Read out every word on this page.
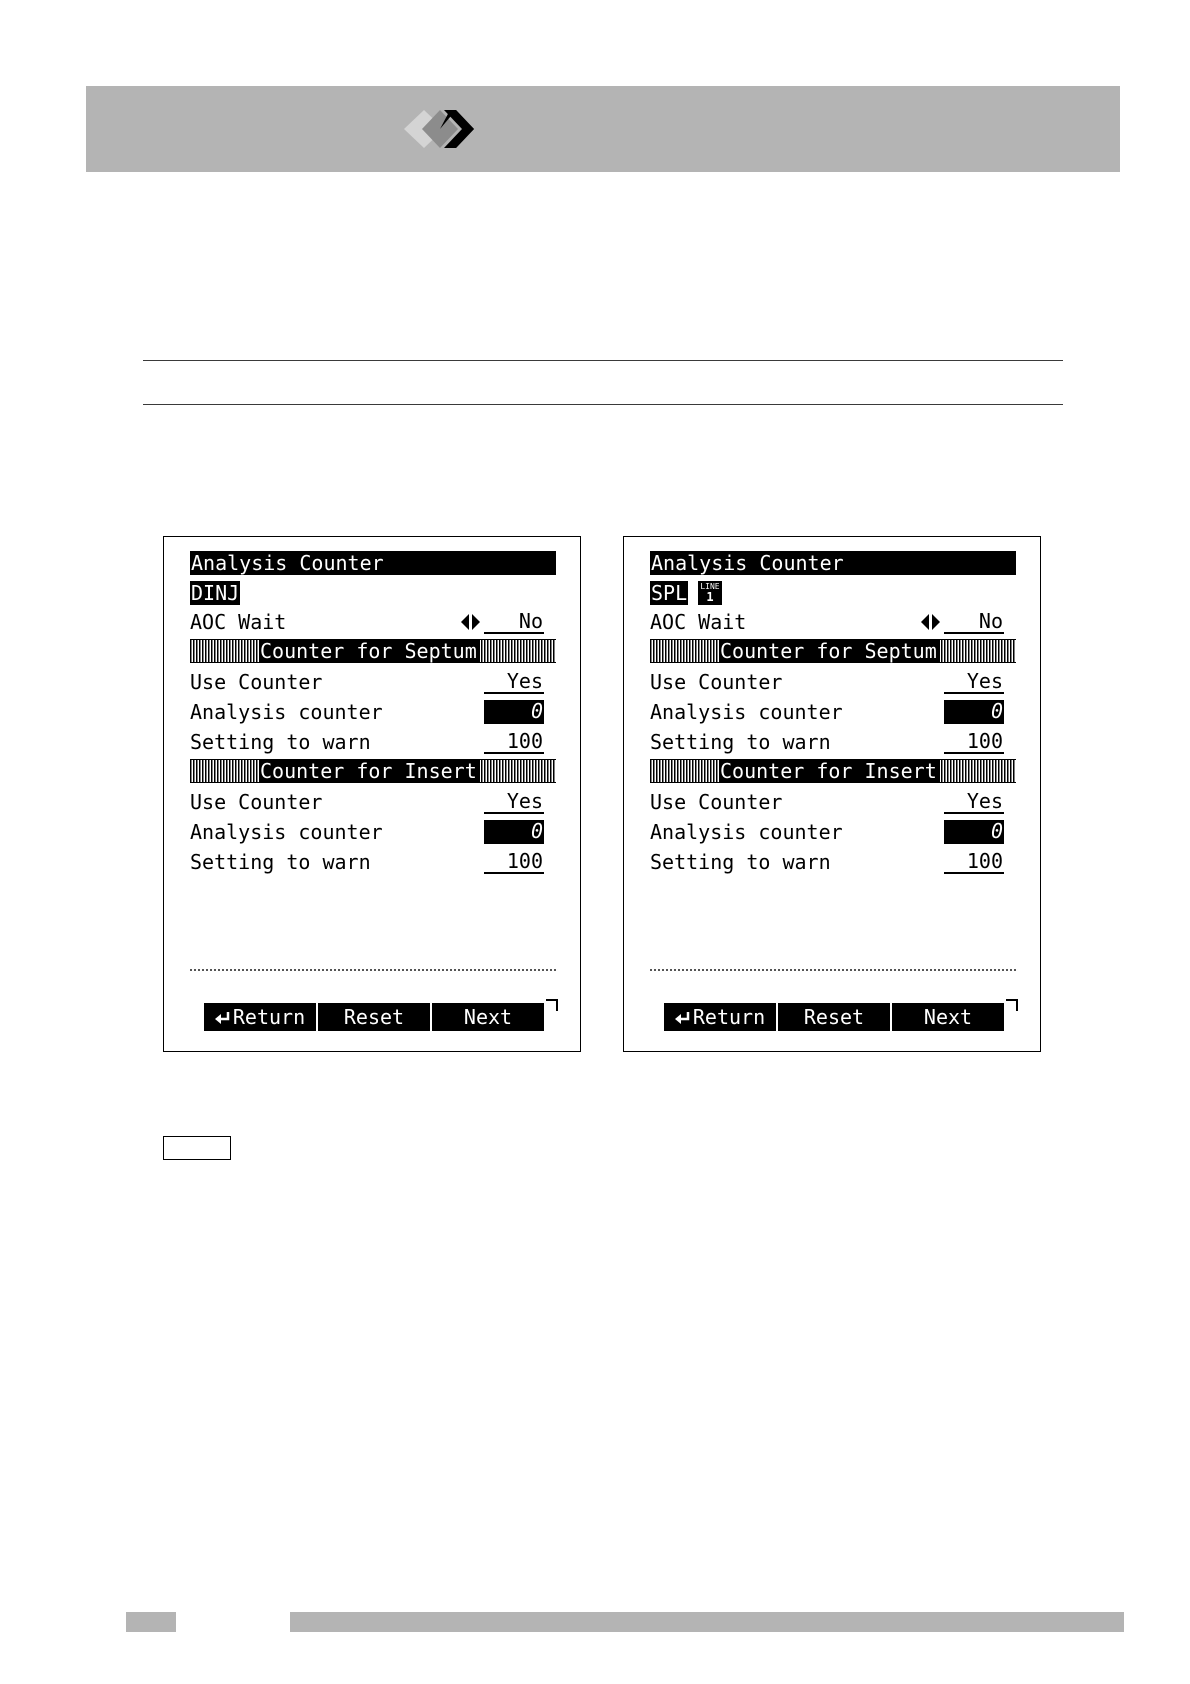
Analysis Counter
DINJ
AOC Wait	No
Counter for Septum
Use Counter	Yes
Analysis counter	0
Setting to warn	100
Counter for Insert
Use Counter	Yes
Analysis counter	0
Setting to warn	100
Return	Reset	Next
Analysis Counter
SPL LINE
1
AOC Wait	No
Counter for Septum
Use Counter	Yes
Analysis counter	0
Setting to warn	100
Counter for Insert
Use Counter	Yes
Analysis counter	0
Setting to warn	100
Return	Reset	Next
